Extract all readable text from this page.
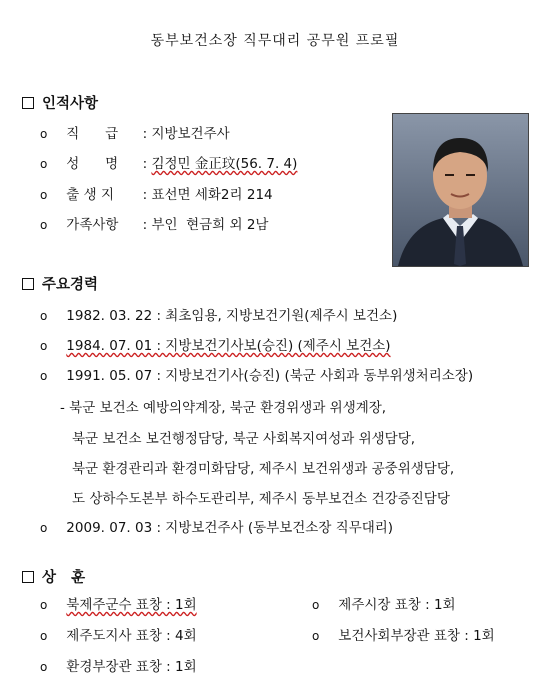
동부보건소장 직무대리 공무원 프로필
인적사항
o 직      급 : 지방보건주사
o 성      명 : 김정민 金正玟(56. 7. 4)
o 출 생 지 : 표선면 세화2리 214
o 가족사항 : 부인  현금희 외 2남
주요경력
o 1982. 03. 22 : 최초임용, 지방보건기원(제주시 보건소)
o 1984. 07. 01 : 지방보건기사보(승진) (제주시 보건소)
o 1991. 05. 07 : 지방보건기사(승진) (북군 사회과 동부위생처리소장)
- 북군 보건소 예방의약계장, 북군 환경위생과 위생계장,
북군 보건소 보건행정담당, 북군 사회복지여성과 위생담당,
북군 환경관리과 환경미화담당, 제주시 보건위생과 공중위생담당,
도 상하수도본부 하수도관리부, 제주시 동부보건소 건강증진담당
o 2009. 07. 03 : 지방보건주사 (동부보건소장 직무대리)
상   훈
o 북제주군수 표창 : 1회	o 제주시장 표창 : 1회
o 제주도지사 표창 : 4회	o 보건사회부장관 표창 : 1회
o 환경부장관 표창 : 1회
